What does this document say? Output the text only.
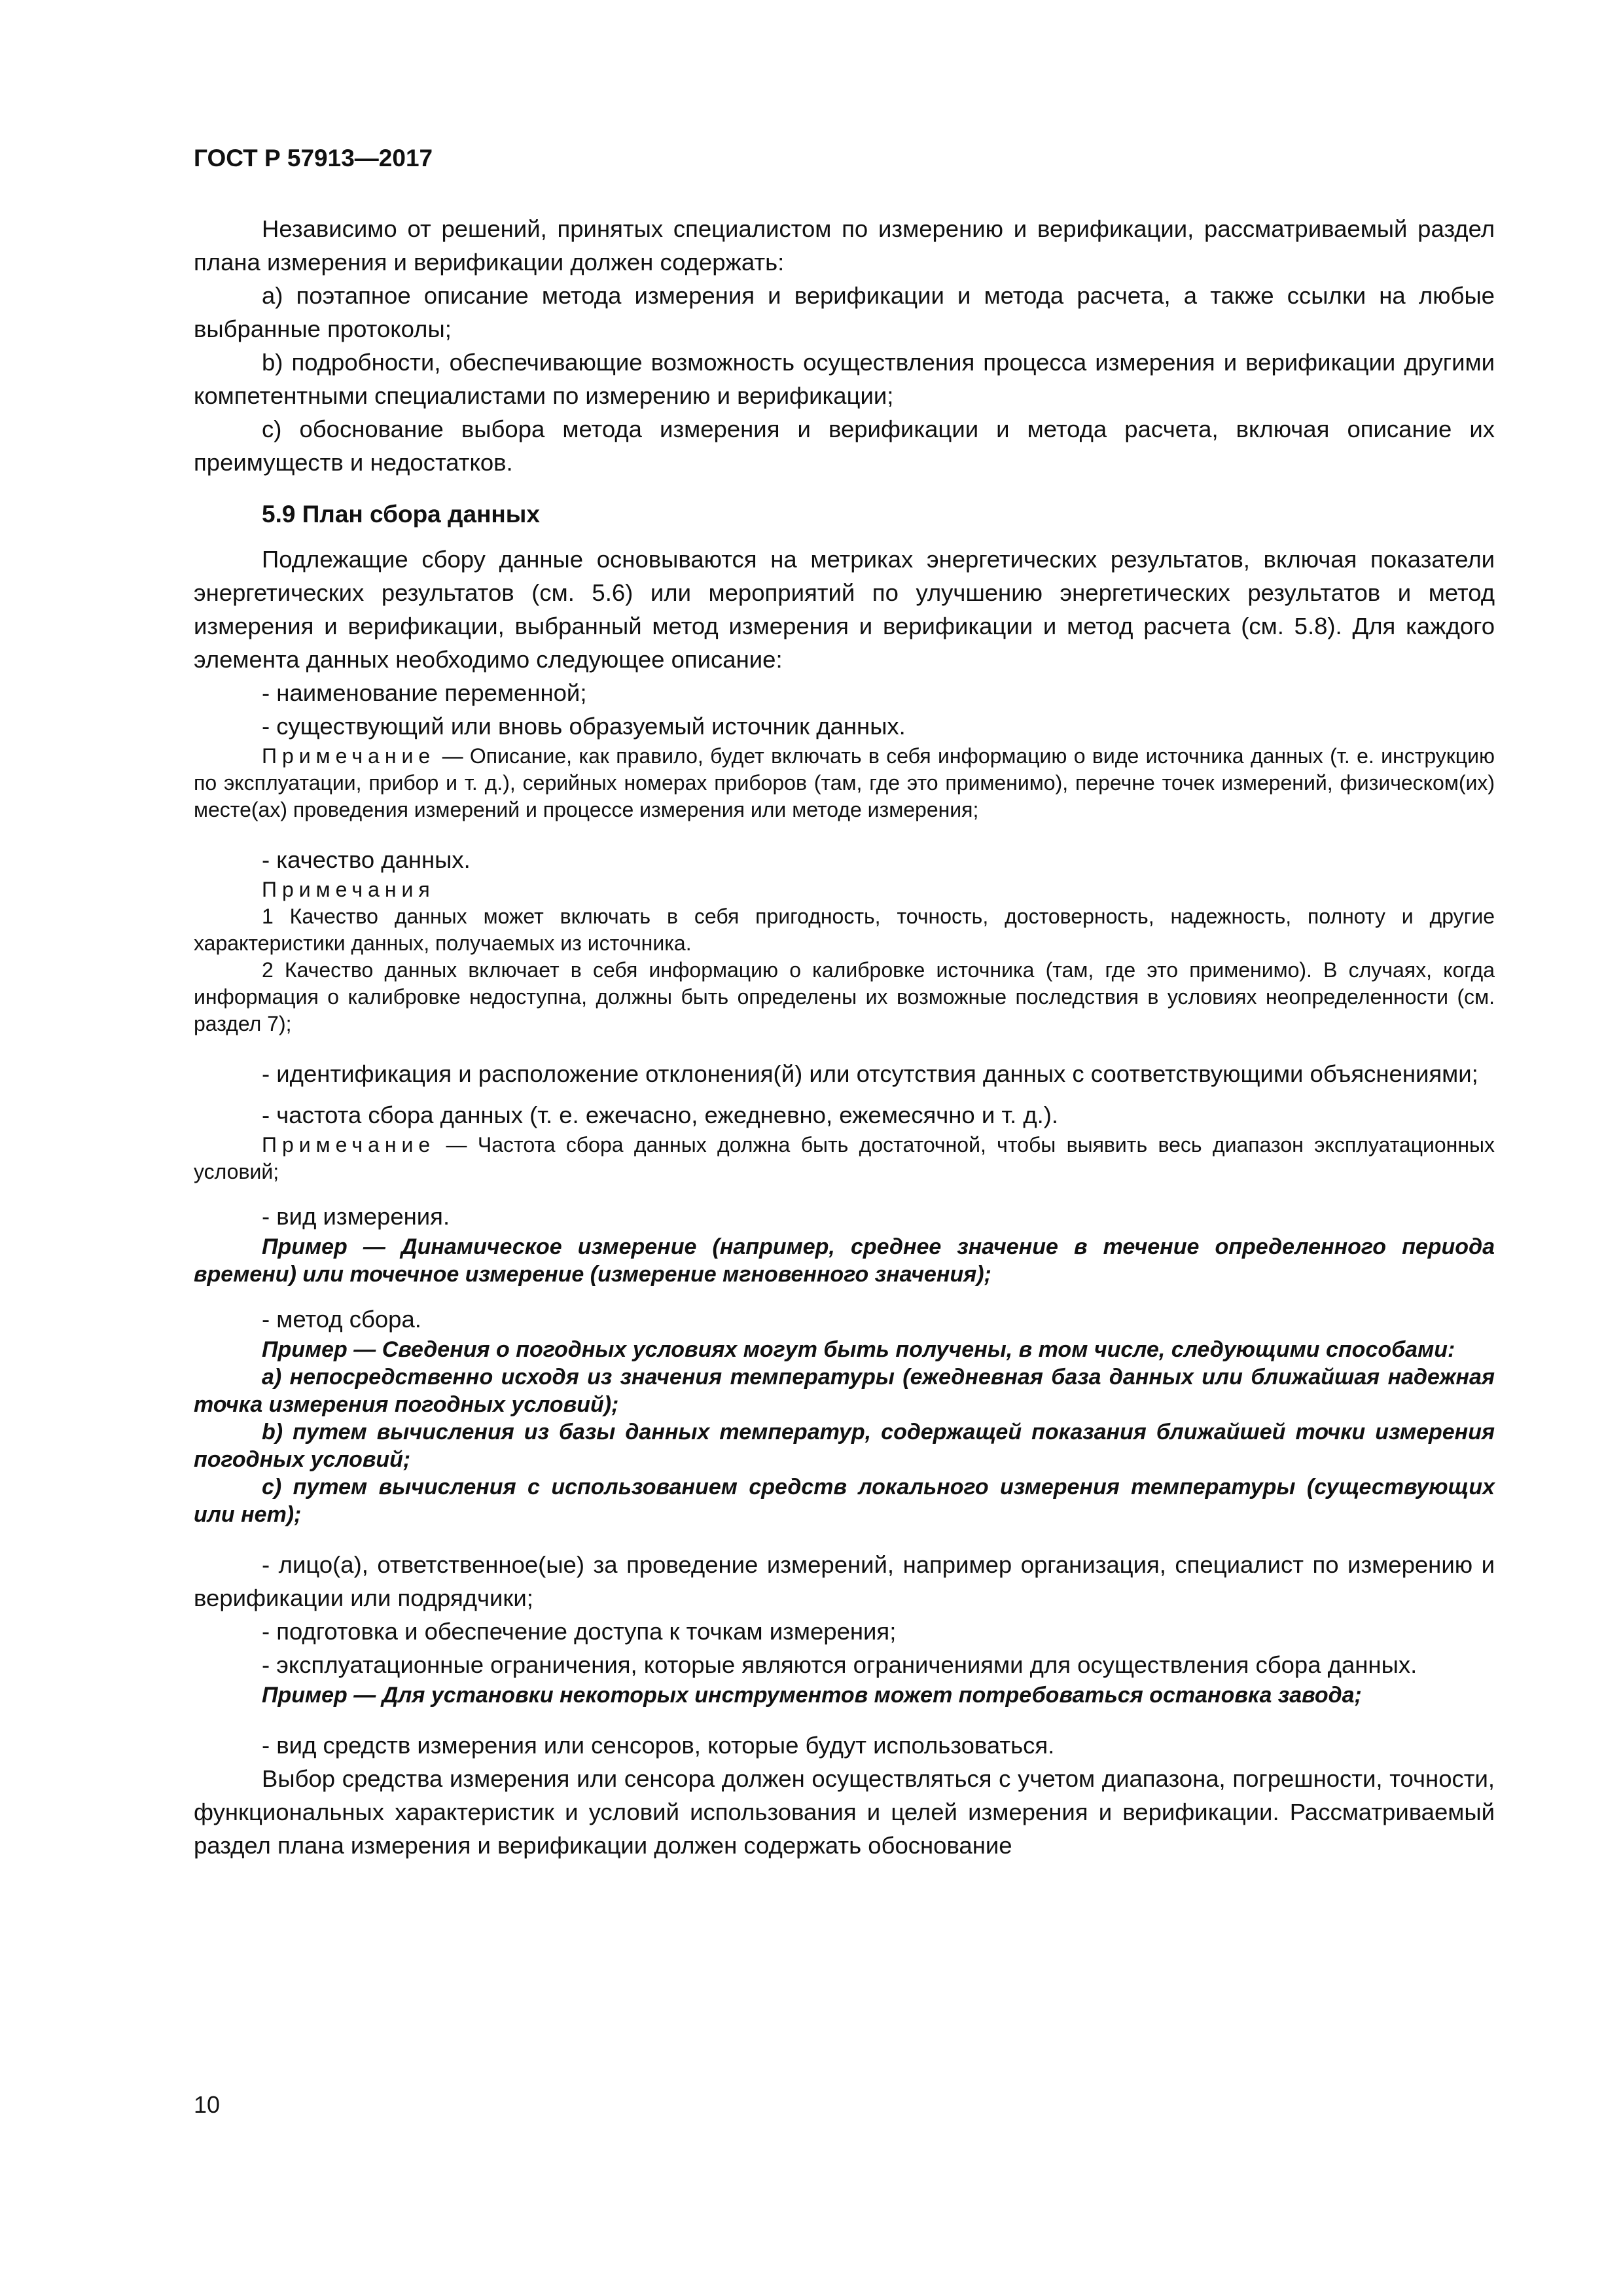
ГОСТ Р 57913—2017

Независимо от решений, принятых специалистом по измерению и верификации, рассматриваемый раздел плана измерения и верификации должен содержать:

a) поэтапное описание метода измерения и верификации и метода расчета, а также ссылки на любые выбранные протоколы;

b) подробности, обеспечивающие возможность осуществления процесса измерения и верификации другими компетентными специалистами по измерению и верификации;

c) обоснование выбора метода измерения и верификации и метода расчета, включая описание их преимуществ и недостатков.

5.9 План сбора данных

Подлежащие сбору данные основываются на метриках энергетических результатов, включая показатели энергетических результатов (см. 5.6) или мероприятий по улучшению энергетических результатов и метод измерения и верификации, выбранный метод измерения и верификации и метод расчета (см. 5.8). Для каждого элемента данных необходимо следующее описание:

- наименование переменной;

- существующий или вновь образуемый источник данных.

Примечание — Описание, как правило, будет включать в себя информацию о виде источника данных (т. е. инструкцию по эксплуатации, прибор и т. д.), серийных номерах приборов (там, где это применимо), перечне точек измерений, физическом(их) месте(ах) проведения измерений и процессе измерения или методе измерения;

- качество данных.

Примечания

1 Качество данных может включать в себя пригодность, точность, достоверность, надежность, полноту и другие характеристики данных, получаемых из источника.

2 Качество данных включает в себя информацию о калибровке источника (там, где это применимо). В случаях, когда информация о калибровке недоступна, должны быть определены их возможные последствия в условиях неопределенности (см. раздел 7);

- идентификация и расположение отклонения(й) или отсутствия данных с соответствующими объяснениями;

- частота сбора данных (т. е. ежечасно, ежедневно, ежемесячно и т. д.).

Примечание — Частота сбора данных должна быть достаточной, чтобы выявить весь диапазон эксплуатационных условий;

- вид измерения.

Пример — Динамическое измерение (например, среднее значение в течение определенного периода времени) или точечное измерение (измерение мгновенного значения);

- метод сбора.

Пример — Сведения о погодных условиях могут быть получены, в том числе, следующими способами:

a) непосредственно исходя из значения температуры (ежедневная база данных или ближайшая надежная точка измерения погодных условий);

b) путем вычисления из базы данных температур, содержащей показания ближайшей точки измерения погодных условий;

c) путем вычисления с использованием средств локального измерения температуры (существующих или нет);

- лицо(а), ответственное(ые) за проведение измерений, например организация, специалист по измерению и верификации или подрядчики;

- подготовка и обеспечение доступа к точкам измерения;

- эксплуатационные ограничения, которые являются ограничениями для осуществления сбора данных.

Пример — Для установки некоторых инструментов может потребоваться остановка завода;

- вид средств измерения или сенсоров, которые будут использоваться.

Выбор средства измерения или сенсора должен осуществляться с учетом диапазона, погрешности, точности, функциональных характеристик и условий использования и целей измерения и верификации. Рассматриваемый раздел плана измерения и верификации должен содержать обоснование

10
